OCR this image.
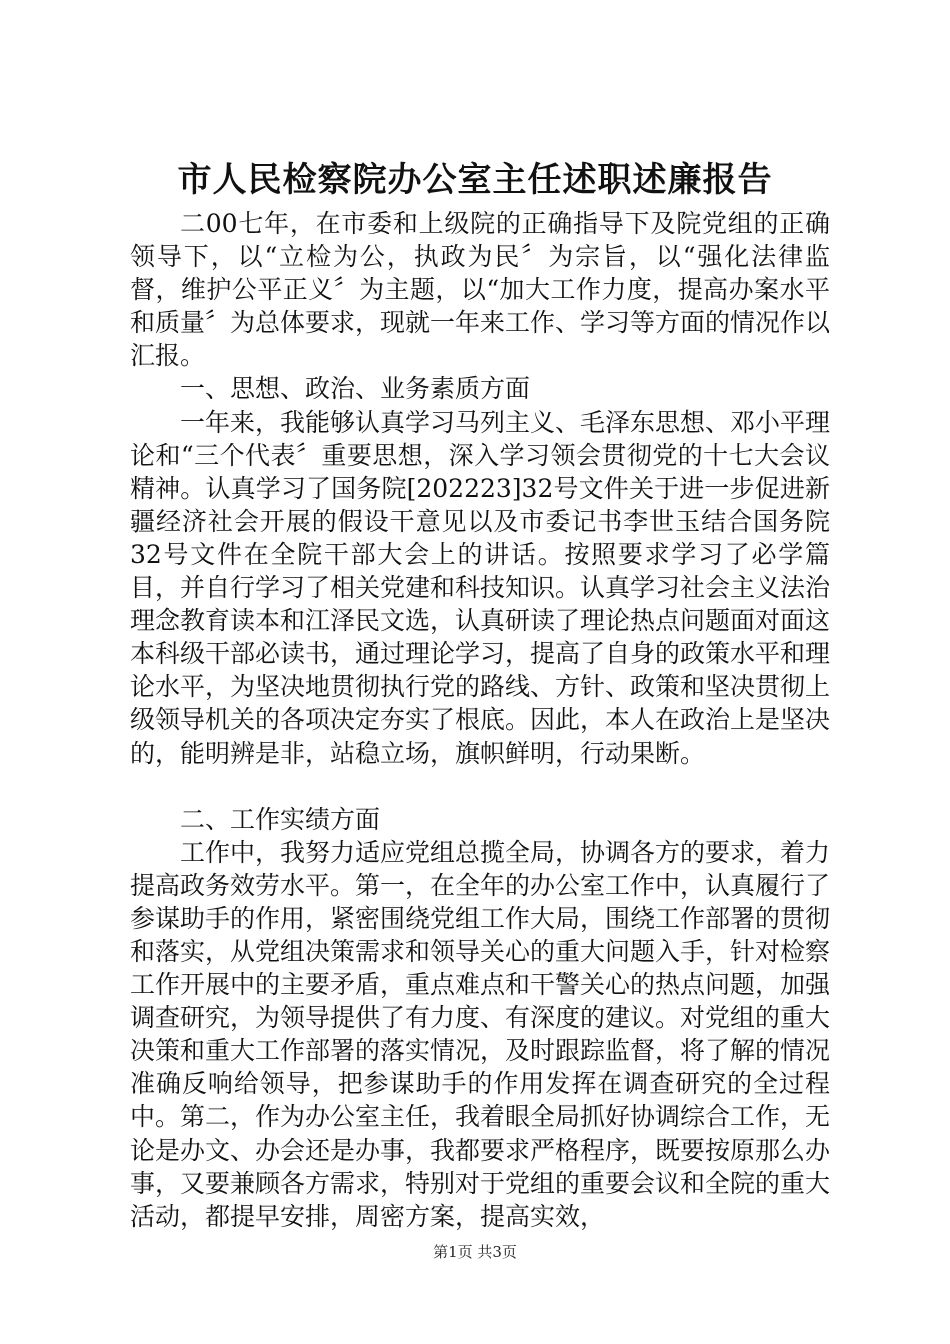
市人民检察院办公室主任述职述廉报告

二00七年，在市委和上级院的正确指导下及院党组的正确领导下，以“立检为公，执政为民〞为宗旨，以“强化法律监督，维护公平正义〞为主题，以“加大工作力度，提高办案水平和质量〞为总体要求，现就一年来工作、学习等方面的情况作以汇报。

一、思想、政治、业务素质方面

一年来，我能够认真学习马列主义、毛泽东思想、邓小平理论和“三个代表〞重要思想，深入学习领会贯彻党的十七大会议精神。认真学习了国务院[202223]32号文件关于进一步促进新疆经济社会开展的假设干意见以及市委记书李世玉结合国务院32号文件在全院干部大会上的讲话。按照要求学习了必学篇目，并自行学习了相关党建和科技知识。认真学习社会主义法治理念教育读本和江泽民文选，认真研读了理论热点问题面对面这本科级干部必读书，通过理论学习，提高了自身的政策水平和理论水平，为坚决地贯彻执行党的路线、方针、政策和坚决贯彻上级领导机关的各项决定夯实了根底。因此，本人在政治上是坚决的，能明辨是非，站稳立场，旗帜鲜明，行动果断。

二、工作实绩方面

工作中，我努力适应党组总揽全局，协调各方的要求，着力提高政务效劳水平。第一，在全年的办公室工作中，认真履行了参谋助手的作用，紧密围绕党组工作大局，围绕工作部署的贯彻和落实，从党组决策需求和领导关心的重大问题入手，针对检察工作开展中的主要矛盾，重点难点和干警关心的热点问题，加强调查研究，为领导提供了有力度、有深度的建议。对党组的重大决策和重大工作部署的落实情况，及时跟踪监督，将了解的情况准确反响给领导，把参谋助手的作用发挥在调查研究的全过程中。第二，作为办公室主任，我着眼全局抓好协调综合工作，无论是办文、办会还是办事，我都要求严格程序，既要按原那么办事，又要兼顾各方需求，特别对于党组的重要会议和全院的重大活动，都提早安排，周密方案，提高实效，

第1页 共3页
